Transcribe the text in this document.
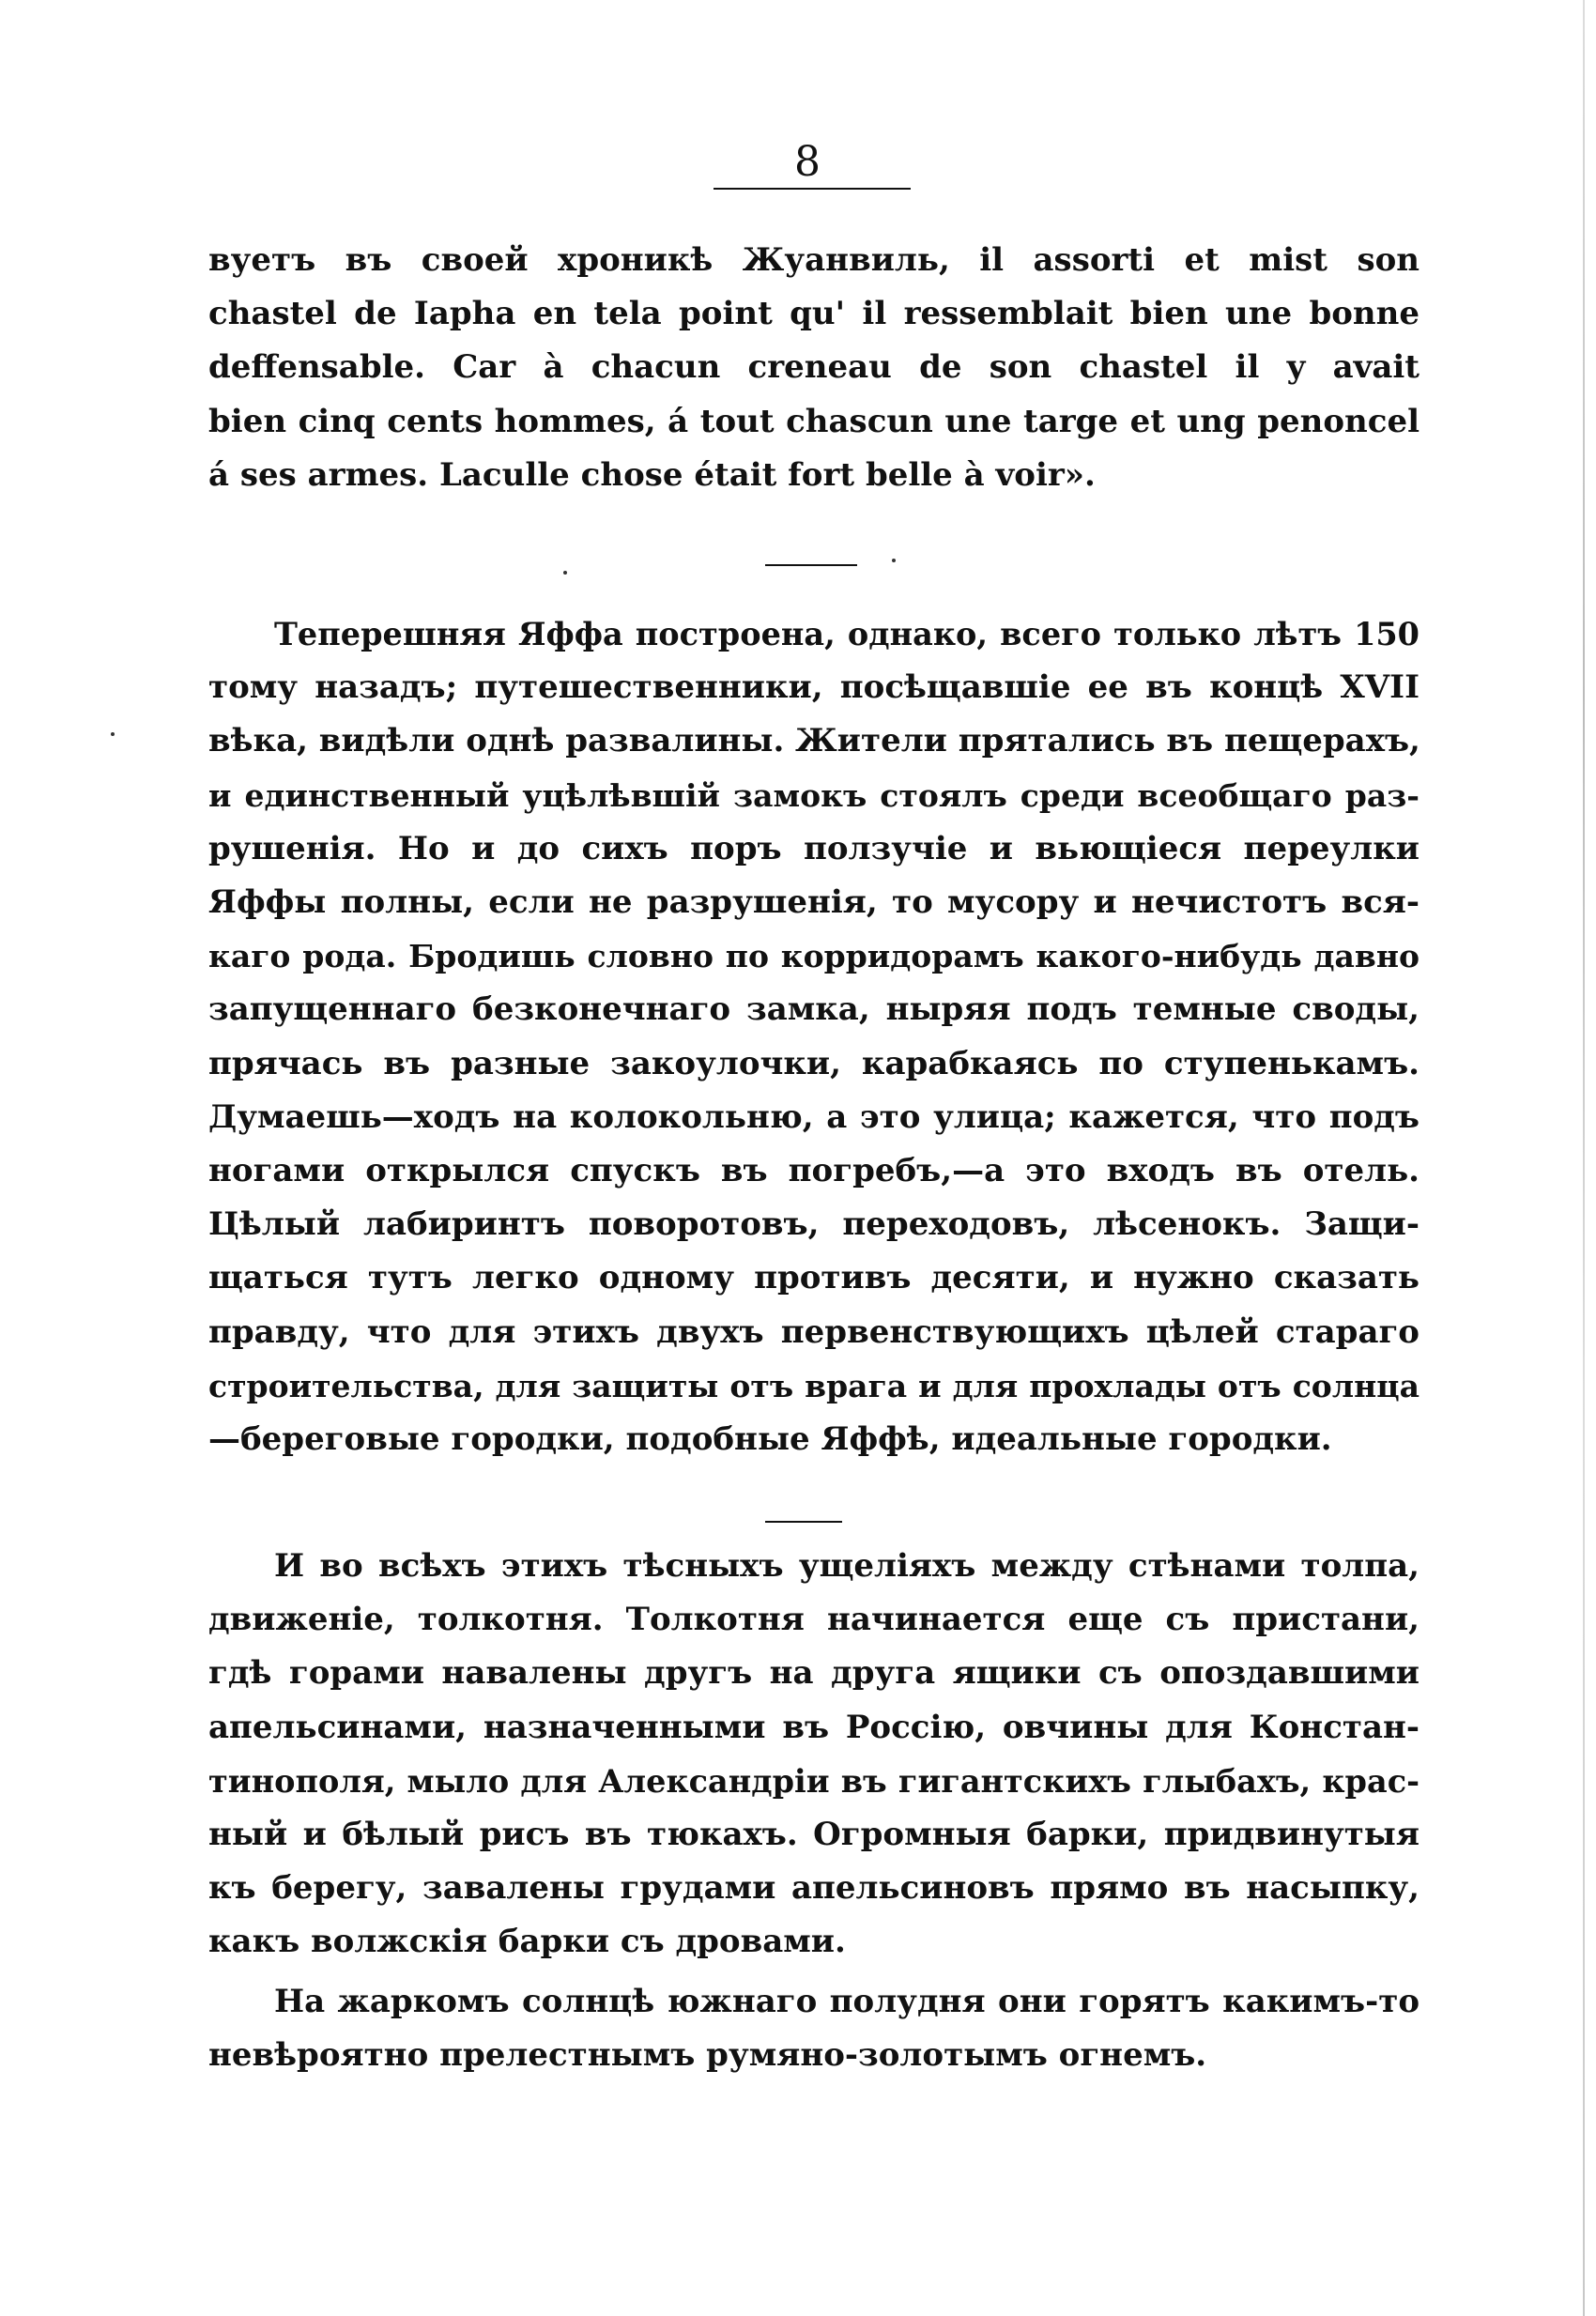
8
вуетъ въ своей хроникѣ Жуанвиль, il assorti et mist son
chastel de Iapha en tela point qu' il ressemblait bien une bonne
deffensable. Car à chacun creneau de son chastel il y avait
bien cinq cents hommes, á tout chascun une targe et ung penoncel
á ses armes. Laculle chose était fort belle à voir».
Теперешняя Яффа построена, однако, всего только лѣтъ 150
тому назадъ; путешественники, посѣщавшіе ее въ концѣ XVII
вѣка, видѣли однѣ развалины. Жители прятались въ пещерахъ,
и единственный уцѣлѣвшій замокъ стоялъ среди всеобщаго раз-
рушенія. Но и до сихъ поръ ползучіе и вьющіеся переулки
Яффы полны, если не разрушенія, то мусору и нечистотъ вся-
каго рода. Бродишь словно по корридорамъ какого-нибудь давно
запущеннаго безконечнаго замка, ныряя подъ темные своды,
прячась въ разные закоулочки, карабкаясь по ступенькамъ.
Думаешь—ходъ на колокольню, а это улица; кажется, что подъ
ногами открылся спускъ въ погребъ,—а это входъ въ отель.
Цѣлый лабиринтъ поворотовъ, переходовъ, лѣсенокъ. Защи-
щаться тутъ легко одному противъ десяти, и нужно сказать
правду, что для этихъ двухъ первенствующихъ цѣлей стараго
строительства, для защиты отъ врага и для прохлады отъ солнца
—береговые городки, подобные Яффѣ, идеальные городки.
И во всѣхъ этихъ тѣсныхъ ущеліяхъ между стѣнами толпа,
движеніе, толкотня. Толкотня начинается еще съ пристани,
гдѣ горами навалены другъ на друга ящики съ опоздавшими
апельсинами, назначенными въ Россію, овчины для Констан-
тинополя, мыло для Александріи въ гигантскихъ глыбахъ, крас-
ный и бѣлый рисъ въ тюкахъ. Огромныя барки, придвинутыя
къ берегу, завалены грудами апельсиновъ прямо въ насыпку,
какъ волжскія барки съ дровами.
На жаркомъ солнцѣ южнаго полудня они горятъ какимъ-то
невѣроятно прелестнымъ румяно-золотымъ огнемъ.
